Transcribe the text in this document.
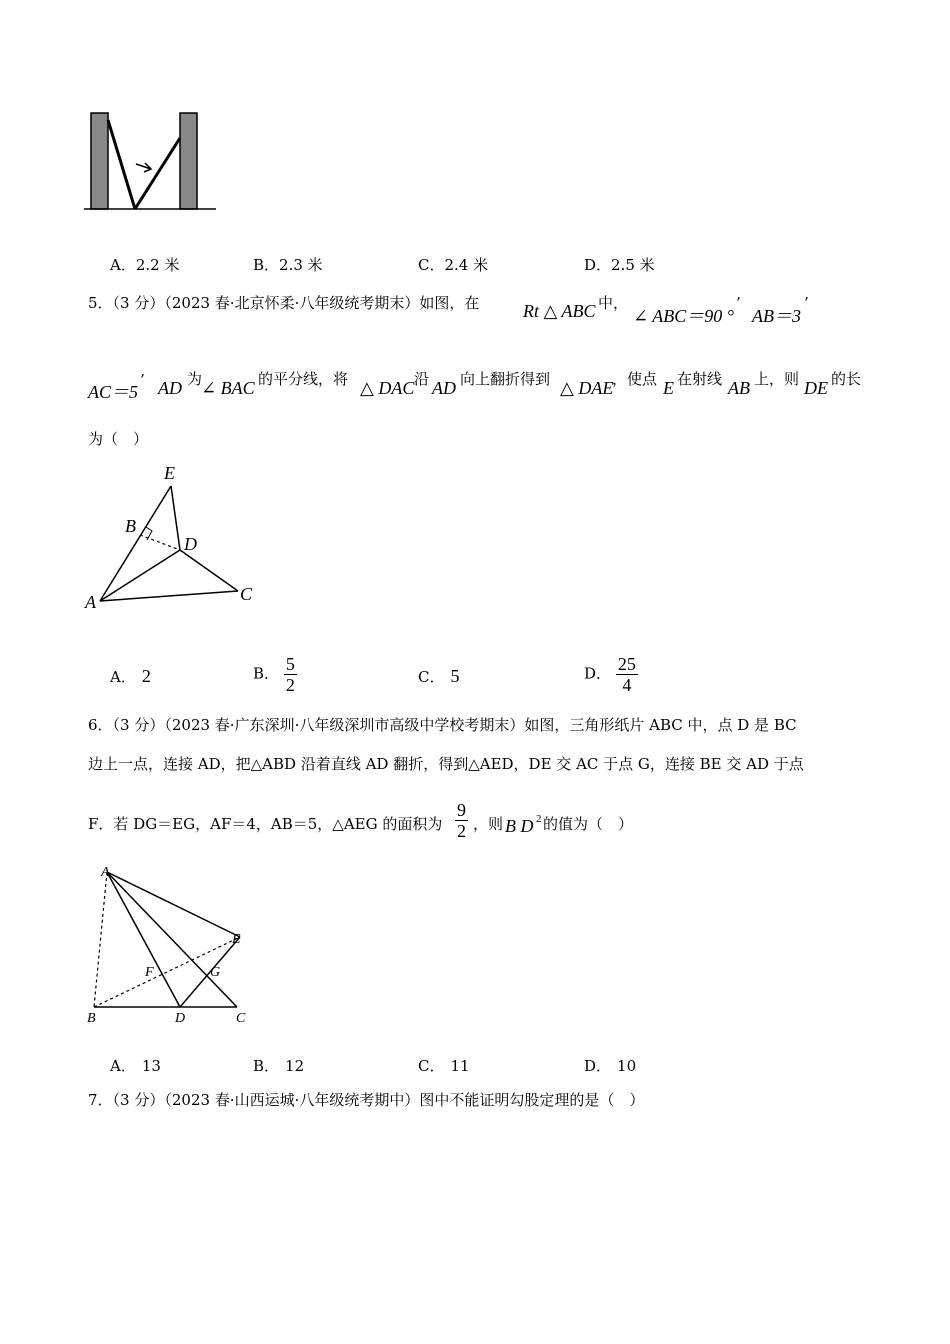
A．2.2 米	B．2.3 米	C．2.4 米	D．2.5 米
5．（3 分）（2023 春·北京怀柔·八年级统考期末）如图，在 Rt △ ABC 中，
∠ ABC＝90 °
’
AB＝3
’
AC＝5
’ AD 为
∠ BAC 的平分线，将 △ DAC 沿 AD 向上翻折得到 △ DAE
，使点 E 在射线 AB 上，则 DE 的长
为（　）
E
B
D
A	C
A． 2	B． $\frac{5}{2}$	C． 5	D． $\frac{25}{4}$
6．（3 分）（2023 春·广东深圳·八年级深圳市高级中学校考期末）如图，三角形纸片 ABC 中，点 D 是 BC
边上一点，连接 AD，把△ABD 沿着直线 AD 翻折，得到△AED，DE 交 AC 于点 G，连接 BE 交 AD 于点
F．若 DG＝EG，AF＝4，AB＝5，△AEG 的面积为 $\frac{9}{2}$ ，则 B D 2 的值为（　）
A
E
F	G
B	D	C
A． 13	B． 12	C． 11	D． 10
7．（3 分）（2023 春·山西运城·八年级统考期中）图中不能证明勾股定理的是（　）
